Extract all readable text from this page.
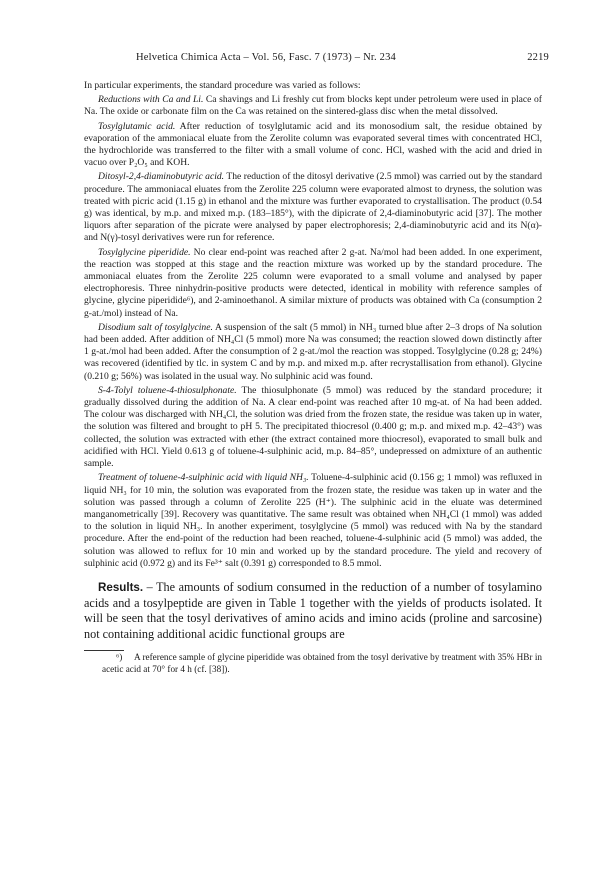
Helvetica Chimica Acta – Vol. 56, Fasc. 7 (1973) – Nr. 234	2219

In particular experiments, the standard procedure was varied as follows:

Reductions with Ca and Li. Ca shavings and Li freshly cut from blocks kept under petroleum were used in place of Na. The oxide or carbonate film on the Ca was retained on the sintered-glass disc when the metal dissolved.

Tosylglutamic acid. After reduction of tosylglutamic acid and its monosodium salt, the residue obtained by evaporation of the ammoniacal eluate from the Zerolite column was evaporated several times with concentrated HCl, the hydrochloride was transferred to the filter with a small volume of conc. HCl, washed with the acid and dried in vacuo over P₂O₅ and KOH.

Ditosyl-2,4-diaminobutyric acid. The reduction of the ditosyl derivative (2.5 mmol) was carried out by the standard procedure. The ammoniacal eluates from the Zerolite 225 column were evaporated almost to dryness, the solution was treated with picric acid (1.15 g) in ethanol and the mixture was further evaporated to crystallisation. The product (0.54 g) was identical, by m.p. and mixed m.p. (183–185°), with the dipicrate of 2,4-diaminobutyric acid [37]. The mother liquors after separation of the picrate were analysed by paper electrophoresis; 2,4-diaminobutyric acid and its N(α)- and N(γ)-tosyl derivatives were run for reference.

Tosylglycine piperidide. No clear end-point was reached after 2 g-at. Na/mol had been added. In one experiment, the reaction was stopped at this stage and the reaction mixture was worked up by the standard procedure. The ammoniacal eluates from the Zerolite 225 column were evaporated to a small volume and analysed by paper electrophoresis. Three ninhydrin-positive products were detected, identical in mobility with reference samples of glycine, glycine piperidide⁶), and 2-aminoethanol. A similar mixture of products was obtained with Ca (consumption 2 g-at./mol) instead of Na.

Disodium salt of tosylglycine. A suspension of the salt (5 mmol) in NH₃ turned blue after 2–3 drops of Na solution had been added. After addition of NH₄Cl (5 mmol) more Na was consumed; the reaction slowed down distinctly after 1 g-at./mol had been added. After the consumption of 2 g-at./mol the reaction was stopped. Tosylglycine (0.28 g; 24%) was recovered (identified by tlc. in system C and by m.p. and mixed m.p. after recrystallisation from ethanol). Glycine (0.210 g; 56%) was isolated in the usual way. No sulphinic acid was found.

S-4-Tolyl toluene-4-thiosulphonate. The thiosulphonate (5 mmol) was reduced by the standard procedure; it gradually dissolved during the addition of Na. A clear end-point was reached after 10 mg-at. of Na had been added. The colour was discharged with NH₄Cl, the solution was dried from the frozen state, the residue was taken up in water, the solution was filtered and brought to pH 5. The precipitated thiocresol (0.400 g; m.p. and mixed m.p. 42–43°) was collected, the solution was extracted with ether (the extract contained more thiocresol), evaporated to small bulk and acidified with HCl. Yield 0.613 g of toluene-4-sulphinic acid, m.p. 84–85°, undepressed on admixture of an authentic sample.

Treatment of toluene-4-sulphinic acid with liquid NH₃. Toluene-4-sulphinic acid (0.156 g; 1 mmol) was refluxed in liquid NH₃ for 10 min, the solution was evaporated from the frozen state, the residue was taken up in water and the solution was passed through a column of Zerolite 225 (H⁺). The sulphinic acid in the eluate was determined manganometrically [39]. Recovery was quantitative. The same result was obtained when NH₄Cl (1 mmol) was added to the solution in liquid NH₃. In another experiment, tosylglycine (5 mmol) was reduced with Na by the standard procedure. After the end-point of the reduction had been reached, toluene-4-sulphinic acid (5 mmol) was added, the solution was allowed to reflux for 10 min and worked up by the standard procedure. The yield and recovery of sulphinic acid (0.972 g) and its Fe³⁺ salt (0.391 g) corresponded to 8.5 mmol.

Results. – The amounts of sodium consumed in the reduction of a number of tosylamino acids and a tosylpeptide are given in Table 1 together with the yields of products isolated. It will be seen that the tosyl derivatives of amino acids and imino acids (proline and sarcosine) not containing additional acidic functional groups are

⁶) A reference sample of glycine piperidide was obtained from the tosyl derivative by treatment with 35% HBr in acetic acid at 70° for 4 h (cf. [38]).
